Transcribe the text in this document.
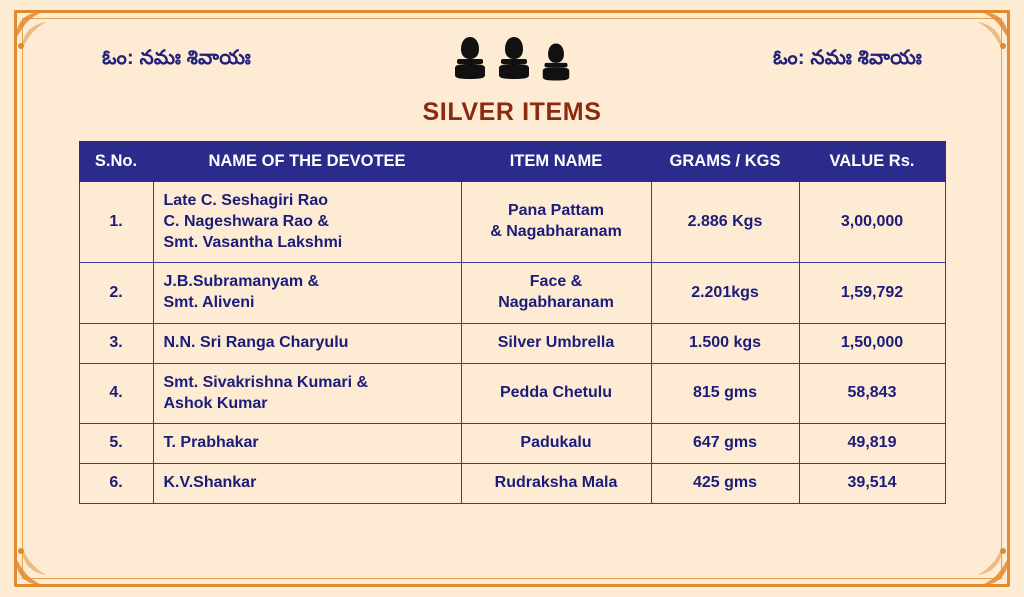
ఓం: నమః శివాయః	ఓం: నమః శివాయః
SILVER ITEMS
S.No.	NAME OF THE DEVOTEE	ITEM NAME	GRAMS / KGS	VALUE Rs.
1.	Late C. Seshagiri Rao
C. Nageshwara Rao &
Smt. Vasantha Lakshmi	Pana Pattam
& Nagabharanam	2.886 Kgs	3,00,000
2.	J.B.Subramanyam &
Smt. Aliveni	Face &
Nagabharanam	2.201kgs	1,59,792
3.	N.N. Sri Ranga Charyulu	Silver Umbrella	1.500 kgs	1,50,000
4.	Smt. Sivakrishna Kumari &
Ashok Kumar	Pedda Chetulu	815 gms	58,843
5.	T. Prabhakar	Padukalu	647 gms	49,819
6.	K.V.Shankar	Rudraksha Mala	425 gms	39,514
